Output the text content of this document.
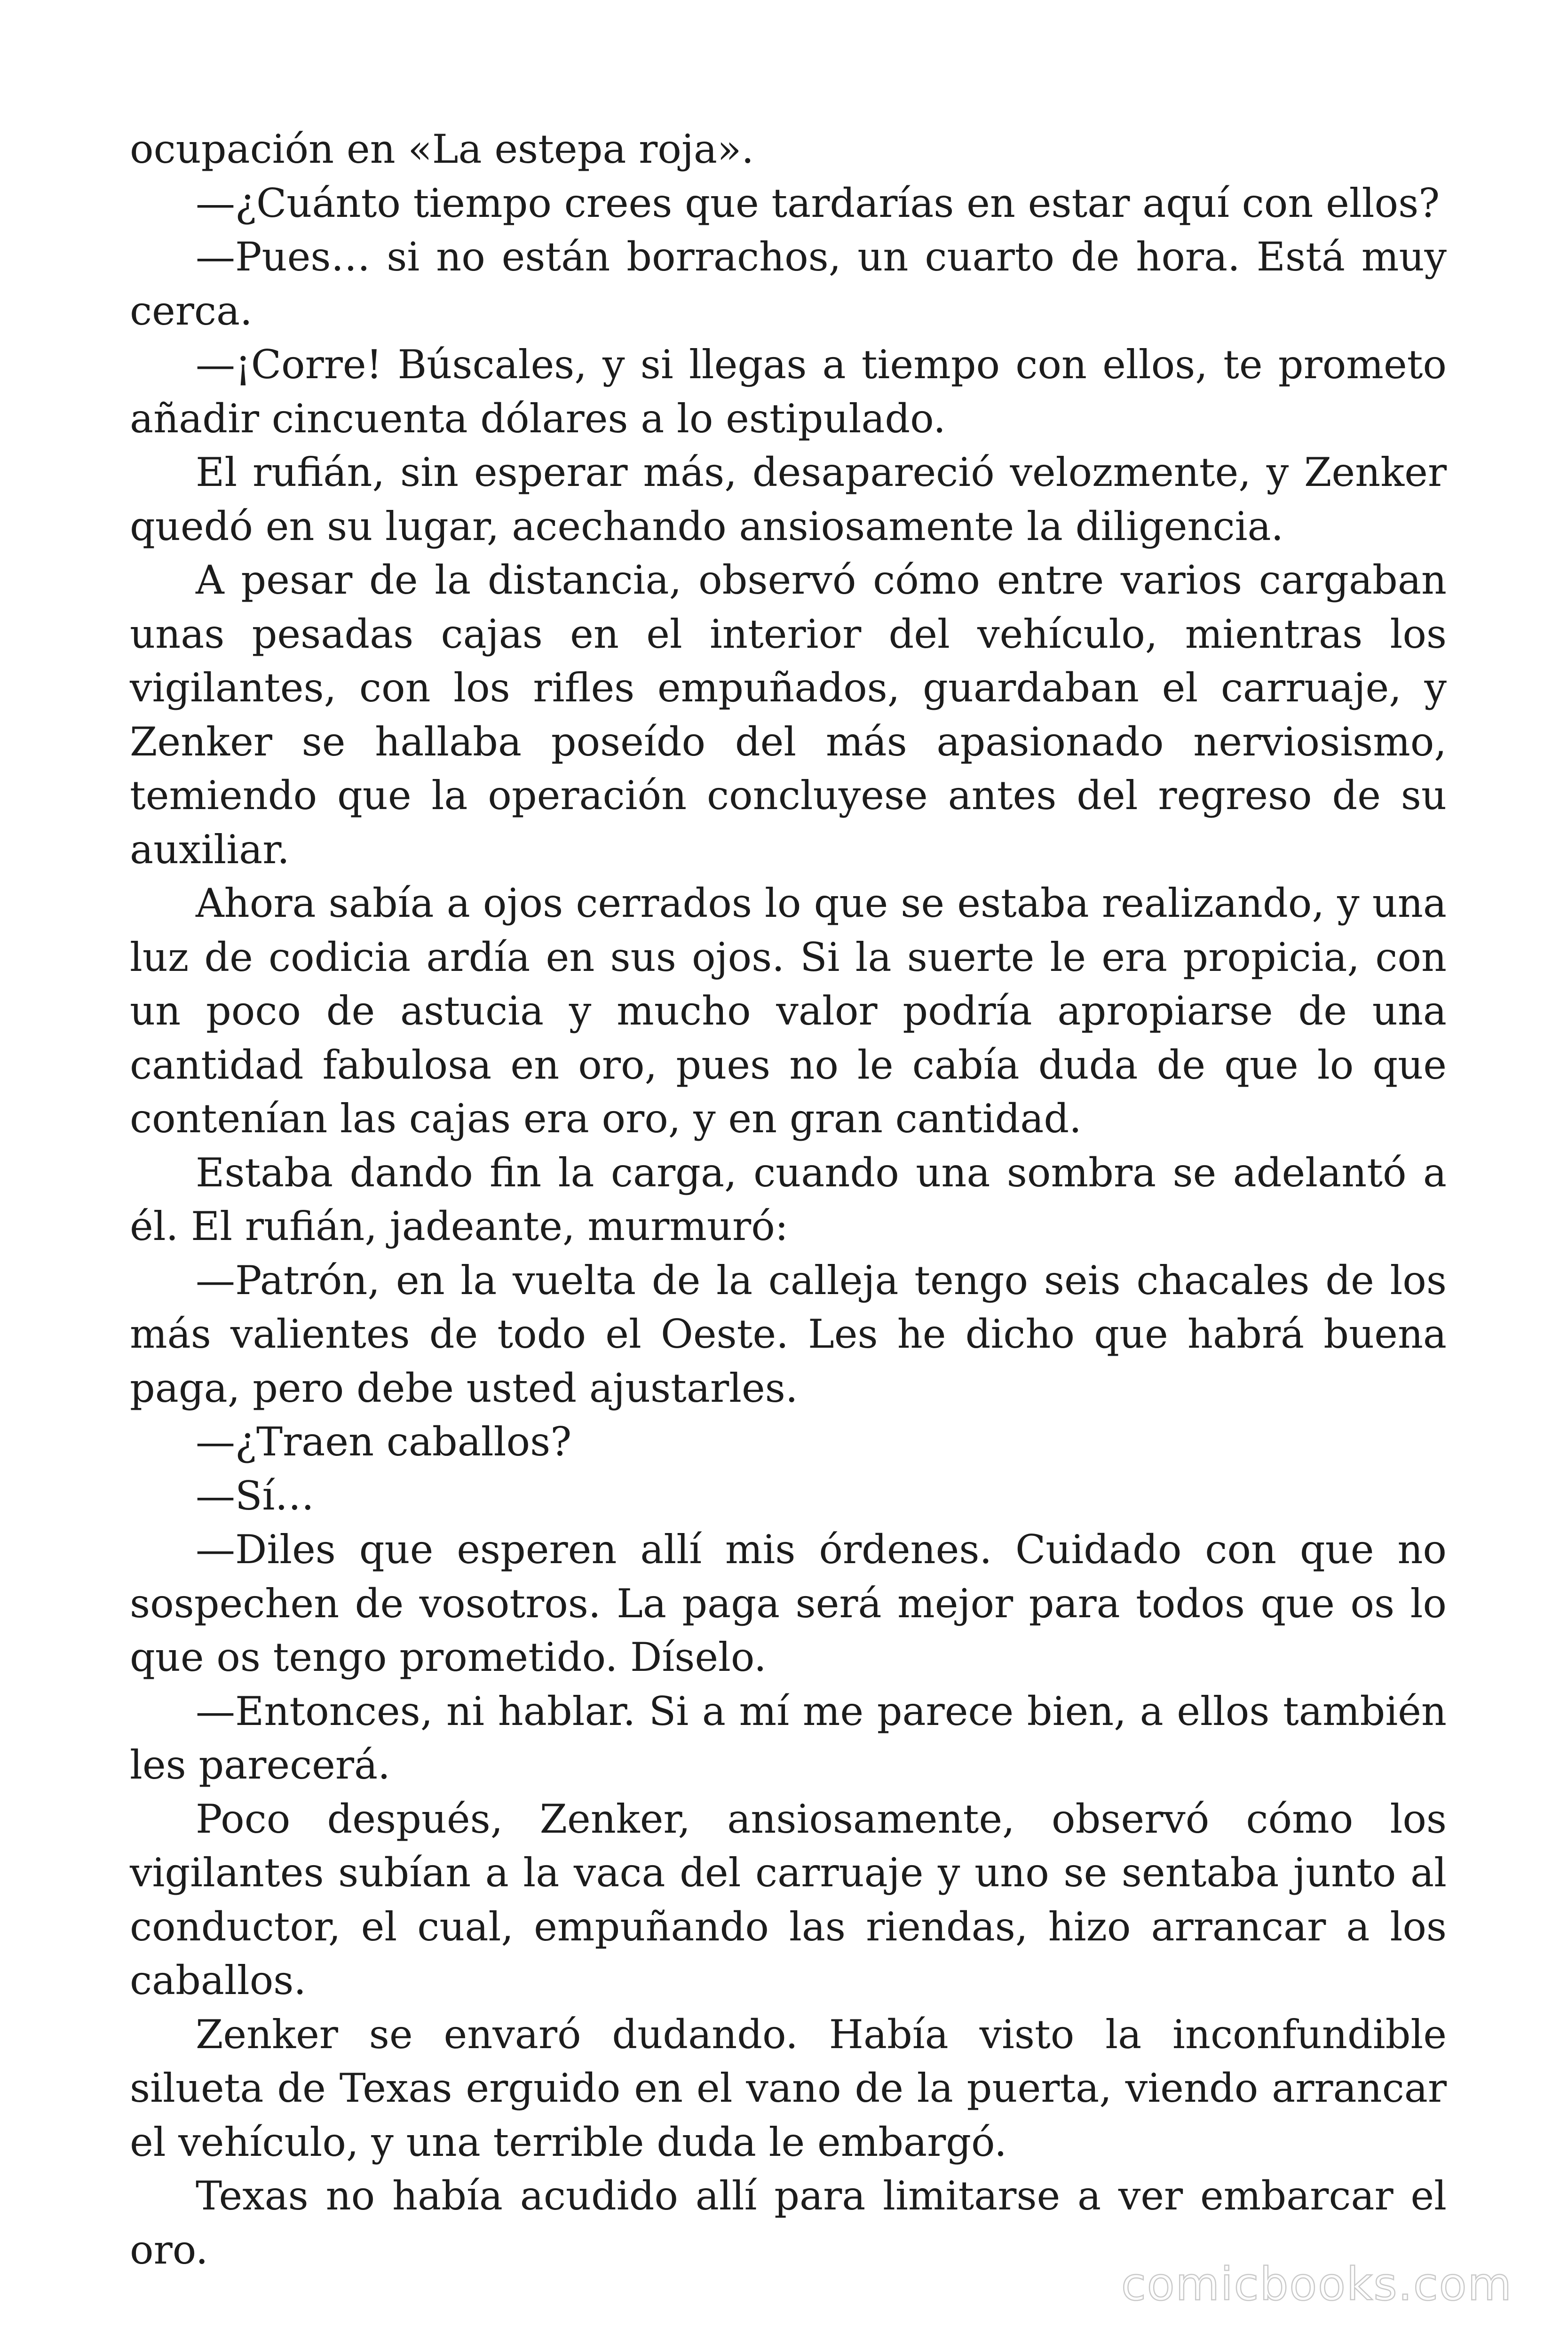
ocupación en «La estepa roja».

—¿Cuánto tiempo crees que tardarías en estar aquí con ellos?

—Pues… si no están borrachos, un cuarto de hora. Está muy cerca.

—¡Corre! Búscales, y si llegas a tiempo con ellos, te prometo añadir cincuenta dólares a lo estipulado.

El rufián, sin esperar más, desapareció velozmente, y Zenker quedó en su lugar, acechando ansiosamente la diligencia.

A pesar de la distancia, observó cómo entre varios cargaban unas pesadas cajas en el interior del vehículo, mientras los vigilantes, con los rifles empuñados, guardaban el carruaje, y Zenker se hallaba poseído del más apasionado nerviosismo, temiendo que la operación concluyese antes del regreso de su auxiliar.

Ahora sabía a ojos cerrados lo que se estaba realizando, y una luz de codicia ardía en sus ojos. Si la suerte le era propicia, con un poco de astucia y mucho valor podría apropiarse de una cantidad fabulosa en oro, pues no le cabía duda de que lo que contenían las cajas era oro, y en gran cantidad.

Estaba dando fin la carga, cuando una sombra se adelantó a él. El rufián, jadeante, murmuró:

—Patrón, en la vuelta de la calleja tengo seis chacales de los más valientes de todo el Oeste. Les he dicho que habrá buena paga, pero debe usted ajustarles.

—¿Traen caballos?

—Sí…

—Diles que esperen allí mis órdenes. Cuidado con que no sospechen de vosotros. La paga será mejor para todos que os lo que os tengo prometido. Díselo.

—Entonces, ni hablar. Si a mí me parece bien, a ellos también les parecerá.

Poco después, Zenker, ansiosamente, observó cómo los vigilantes subían a la vaca del carruaje y uno se sentaba junto al conductor, el cual, empuñando las riendas, hizo arrancar a los caballos.

Zenker se envaró dudando. Había visto la inconfundible silueta de Texas erguido en el vano de la puerta, viendo arrancar el vehículo, y una terrible duda le embargó.

Texas no había acudido allí para limitarse a ver embarcar el oro.

comicbooks.com
